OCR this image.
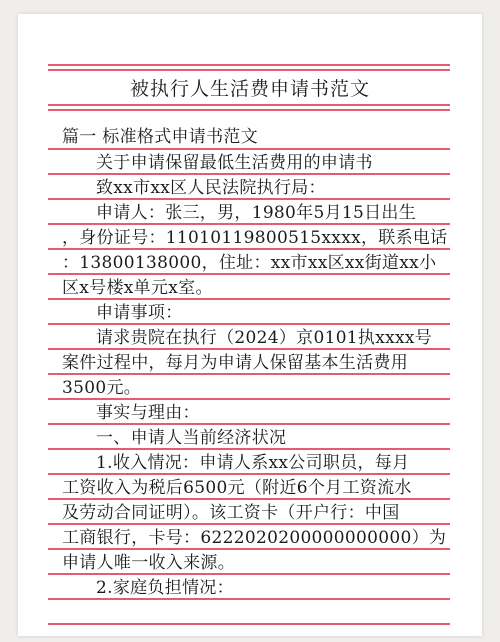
被执行人生活费申请书范文
篇一 标准格式申请书范文
关于申请保留最低生活费用的申请书
致xx市xx区人民法院执行局：
申请人：张三，男，1980年5月15日出生
，身份证号：11010119800515xxxx，联系电话
：13800138000，住址：xx市xx区xx街道xx小
区x号楼x单元x室。
申请事项：
请求贵院在执行（2024）京0101执xxxx号
案件过程中，每月为申请人保留基本生活费用
3500元。
事实与理由：
一、申请人当前经济状况
1.收入情况：申请人系xx公司职员，每月
工资收入为税后6500元（附近6个月工资流水
及劳动合同证明）。该工资卡（开户行：中国
工商银行，卡号：6222020200000000000）为
申请人唯一收入来源。
2.家庭负担情况：
